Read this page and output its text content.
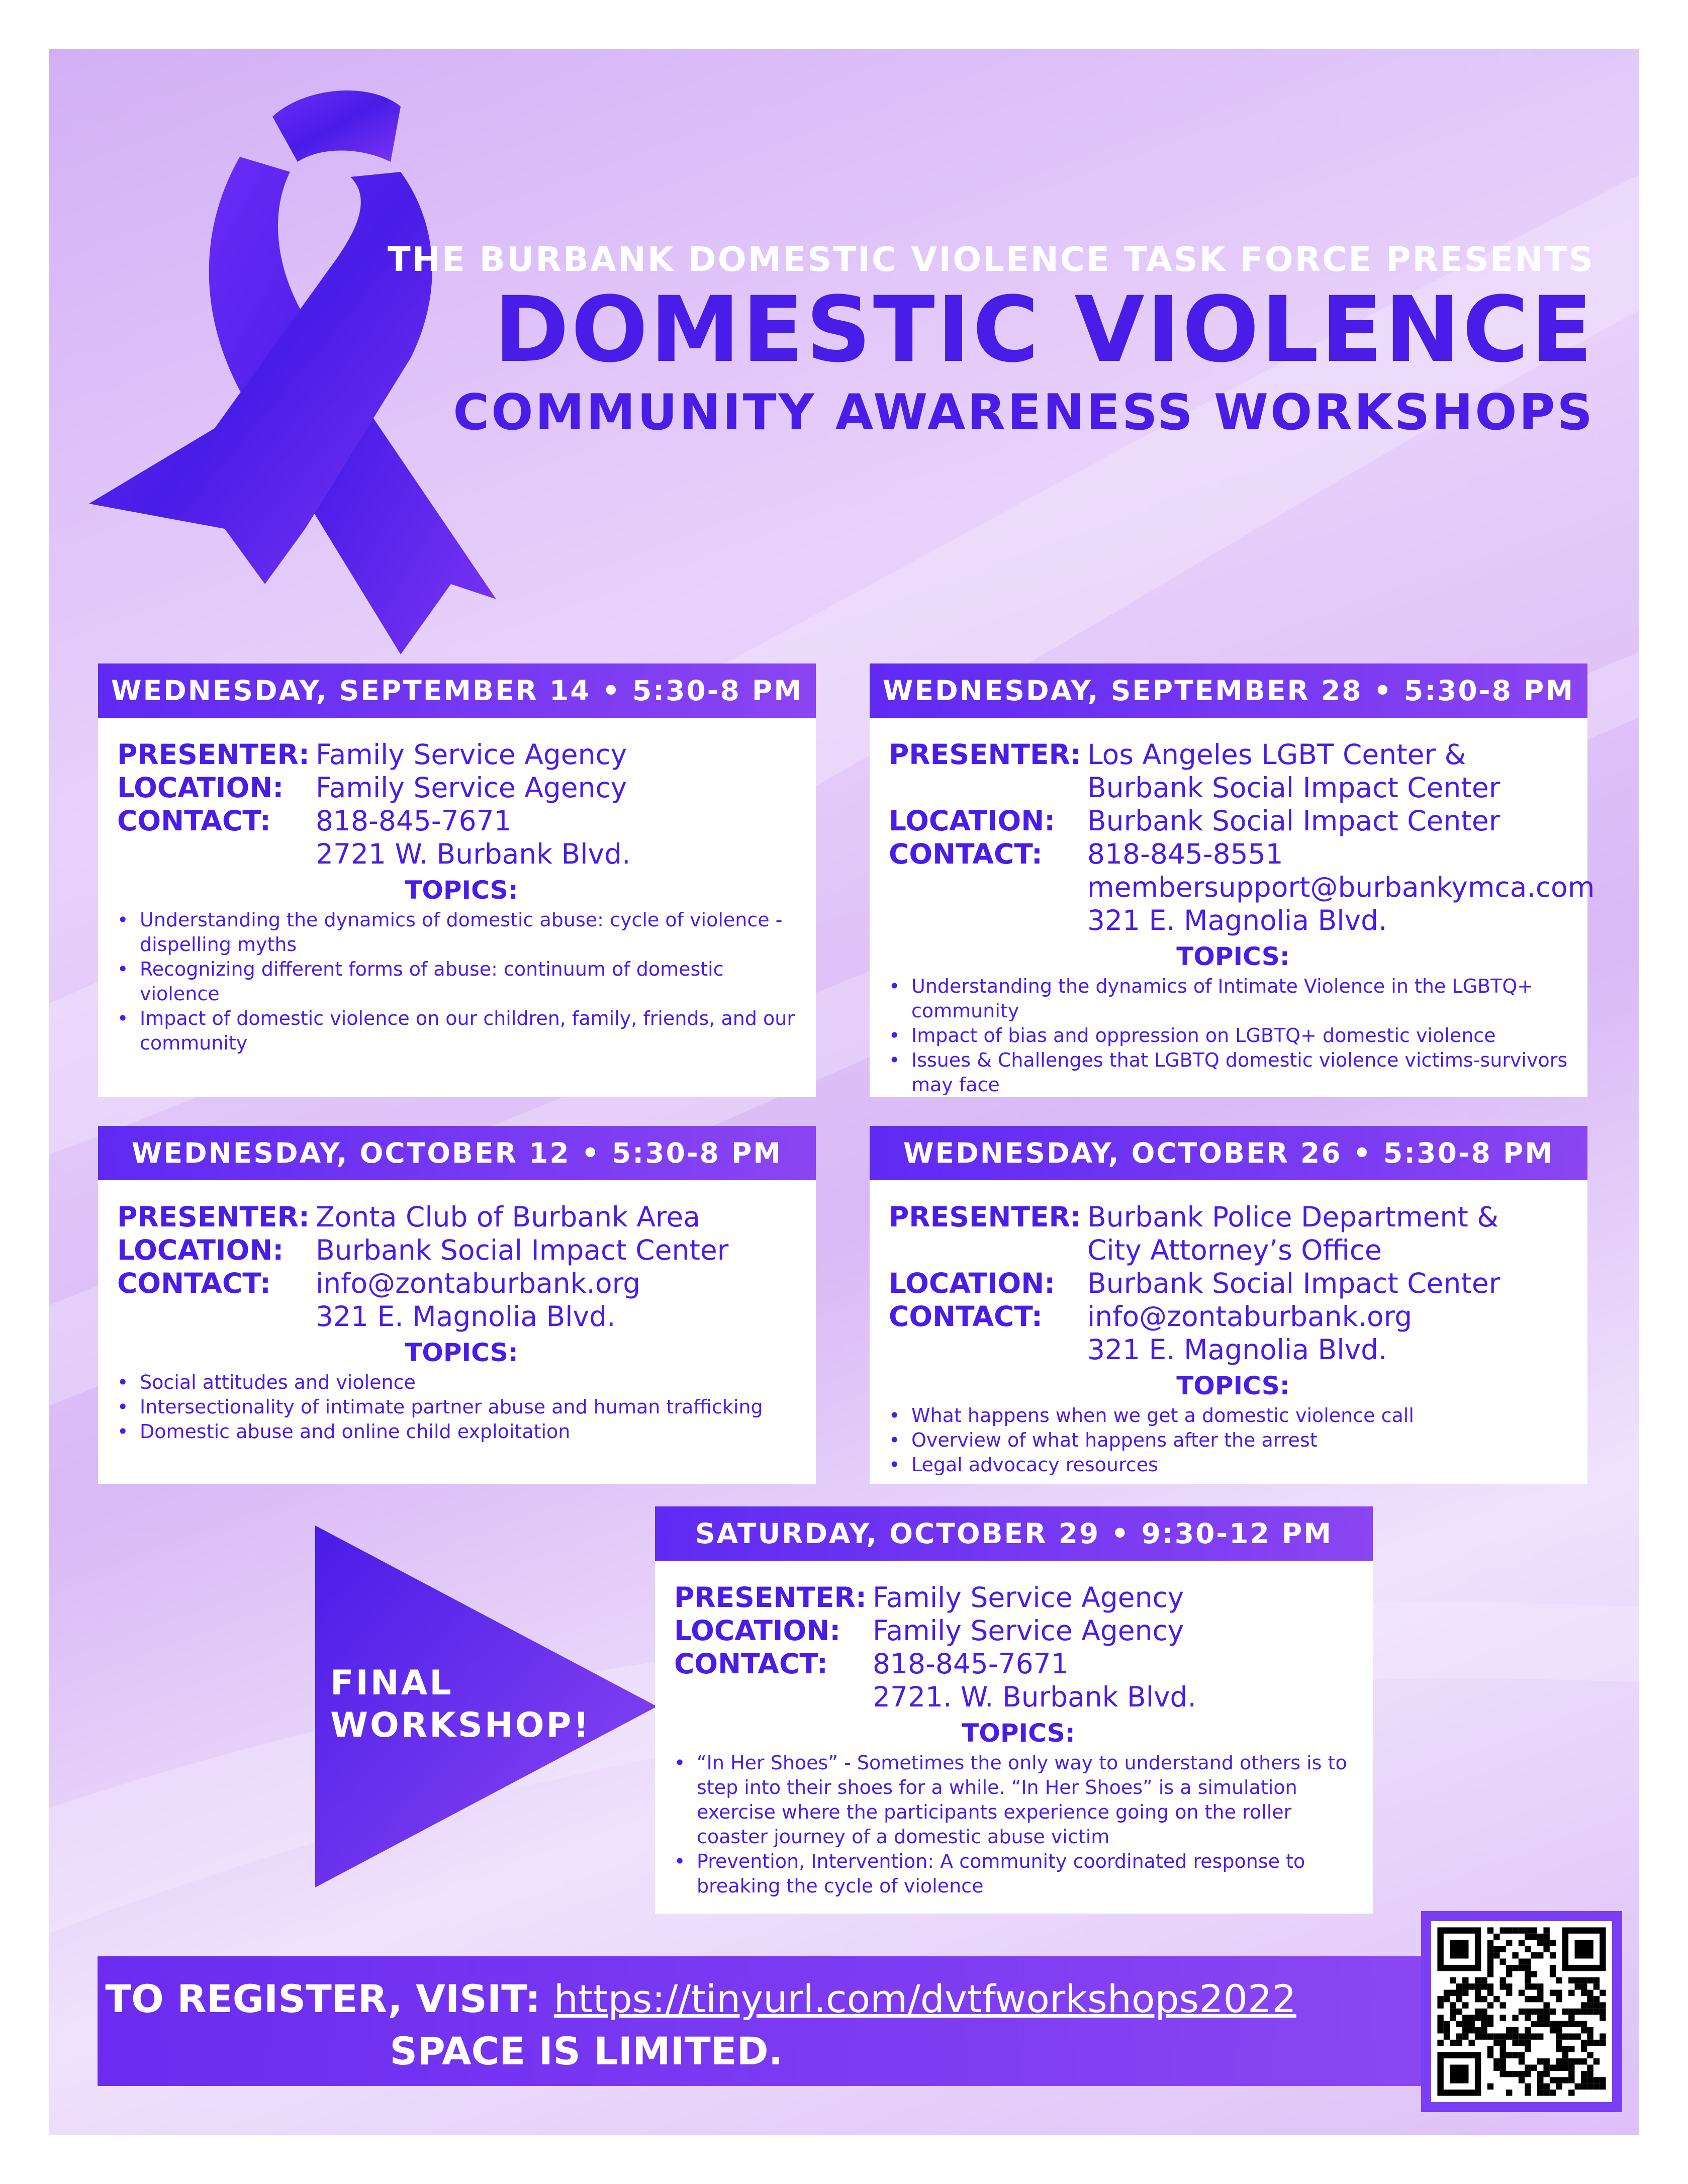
THE BURBANK DOMESTIC VIOLENCE TASK FORCE PRESENTS
DOMESTIC VIOLENCE
COMMUNITY AWARENESS WORKSHOPS
WEDNESDAY, SEPTEMBER 14 • 5:30-8 PM
PRESENTER: Family Service Agency
LOCATION:	Family Service Agency
CONTACT:	818-845-7671
2721 W. Burbank Blvd.
TOPICS:
• Understanding the dynamics of domestic abuse: cycle of violence - dispelling myths
• Recognizing different forms of abuse: continuum of domestic violence
• Impact of domestic violence on our children, family, friends, and our community
WEDNESDAY, SEPTEMBER 28 • 5:30-8 PM
PRESENTER: Los Angeles LGBT Center &
Burbank Social Impact Center
LOCATION:	Burbank Social Impact Center
CONTACT:	818-845-8551
membersupport@burbankymca.com
321 E. Magnolia Blvd.
TOPICS:
• Understanding the dynamics of Intimate Violence in the LGBTQ+ community
• Impact of bias and oppression on LGBTQ+ domestic violence
• Issues & Challenges that LGBTQ domestic violence victims-survivors may face
WEDNESDAY, OCTOBER 12 • 5:30-8 PM
PRESENTER: Zonta Club of Burbank Area
LOCATION:	Burbank Social Impact Center
CONTACT:	info@zontaburbank.org
321 E. Magnolia Blvd.
TOPICS:
• Social attitudes and violence
• Intersectionality of intimate partner abuse and human trafficking
• Domestic abuse and online child exploitation
WEDNESDAY, OCTOBER 26 • 5:30-8 PM
PRESENTER: Burbank Police Department &
City Attorney’s Office
LOCATION:	Burbank Social Impact Center
CONTACT:	info@zontaburbank.org
321 E. Magnolia Blvd.
TOPICS:
• What happens when we get a domestic violence call
• Overview of what happens after the arrest
• Legal advocacy resources
FINAL
WORKSHOP!
SATURDAY, OCTOBER 29 • 9:30-12 PM
PRESENTER: Family Service Agency
LOCATION:	Family Service Agency
CONTACT:	818-845-7671
2721. W. Burbank Blvd.
TOPICS:
• “In Her Shoes” - Sometimes the only way to understand others is to step into their shoes for a while. “In Her Shoes” is a simulation exercise where the participants experience going on the roller coaster journey of a domestic abuse victim
• Prevention, Intervention: A community coordinated response to breaking the cycle of violence
TO REGISTER, VISIT: https://tinyurl.com/dvtfworkshops2022
SPACE IS LIMITED.
